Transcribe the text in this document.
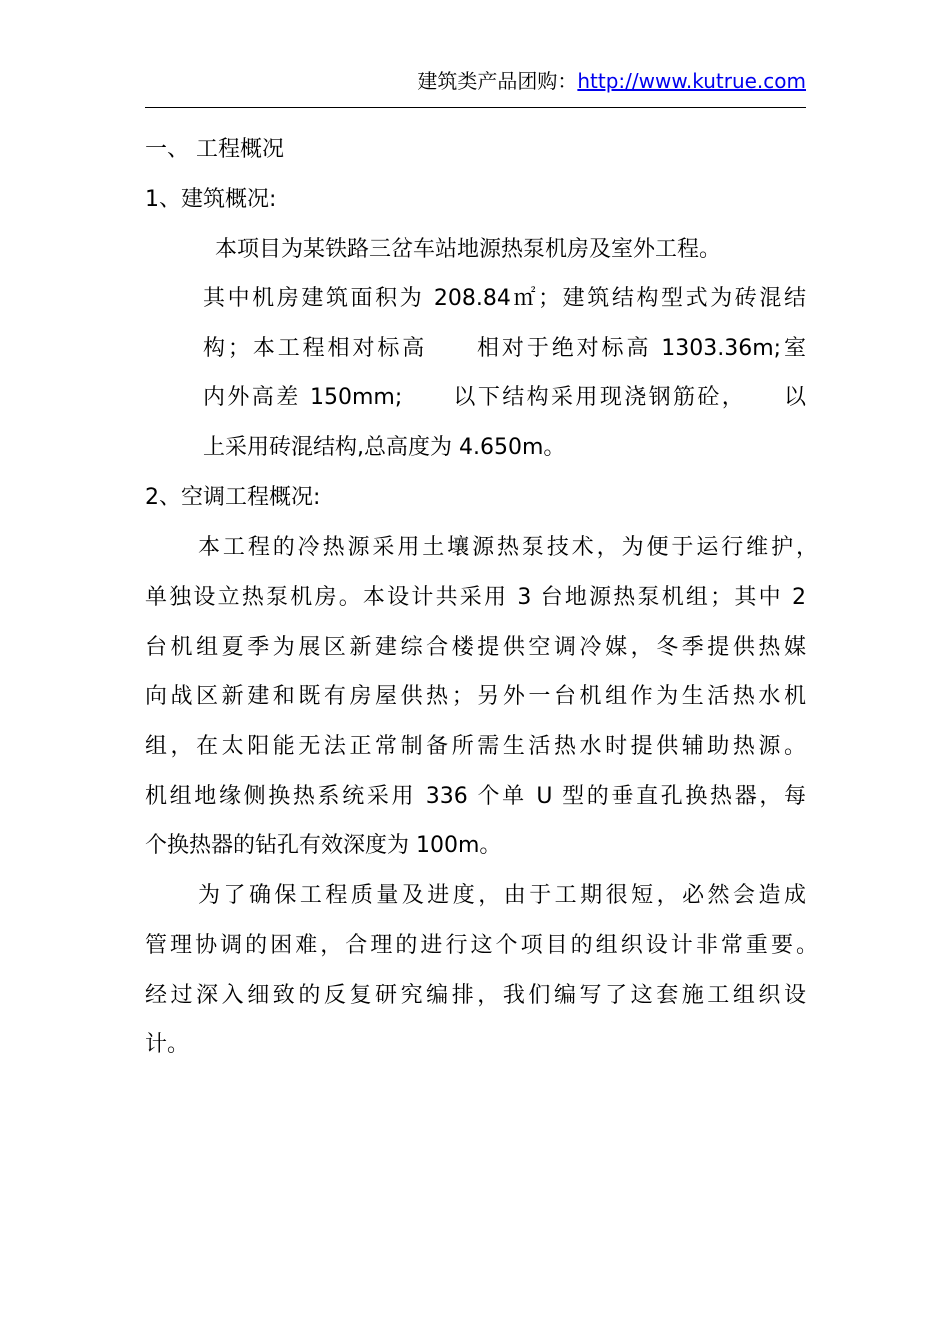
建筑类产品团购：http://www.kutrue.com
一、 工程概况
1、建筑概况:
本项目为某铁路三岔车站地源热泵机房及室外工程。
其中机房建筑面积为 208.84㎡；建筑结构型式为砖混结
构；本工程相对标高　　相对于绝对标高 1303.36m;室
内外高差 150mm;　　以下结构采用现浇钢筋砼，　　以
上采用砖混结构,总高度为 4.650m。
2、空调工程概况:
本工程的冷热源采用土壤源热泵技术，为便于运行维护，
单独设立热泵机房。本设计共采用 3 台地源热泵机组；其中 2
台机组夏季为展区新建综合楼提供空调冷媒，冬季提供热媒
向战区新建和既有房屋供热；另外一台机组作为生活热水机
组，在太阳能无法正常制备所需生活热水时提供辅助热源。
机组地缘侧换热系统采用 336 个单 U 型的垂直孔换热器，每
个换热器的钻孔有效深度为 100m。
为了确保工程质量及进度，由于工期很短，必然会造成
管理协调的困难，合理的进行这个项目的组织设计非常重要。
经过深入细致的反复研究编排，我们编写了这套施工组织设
计。
